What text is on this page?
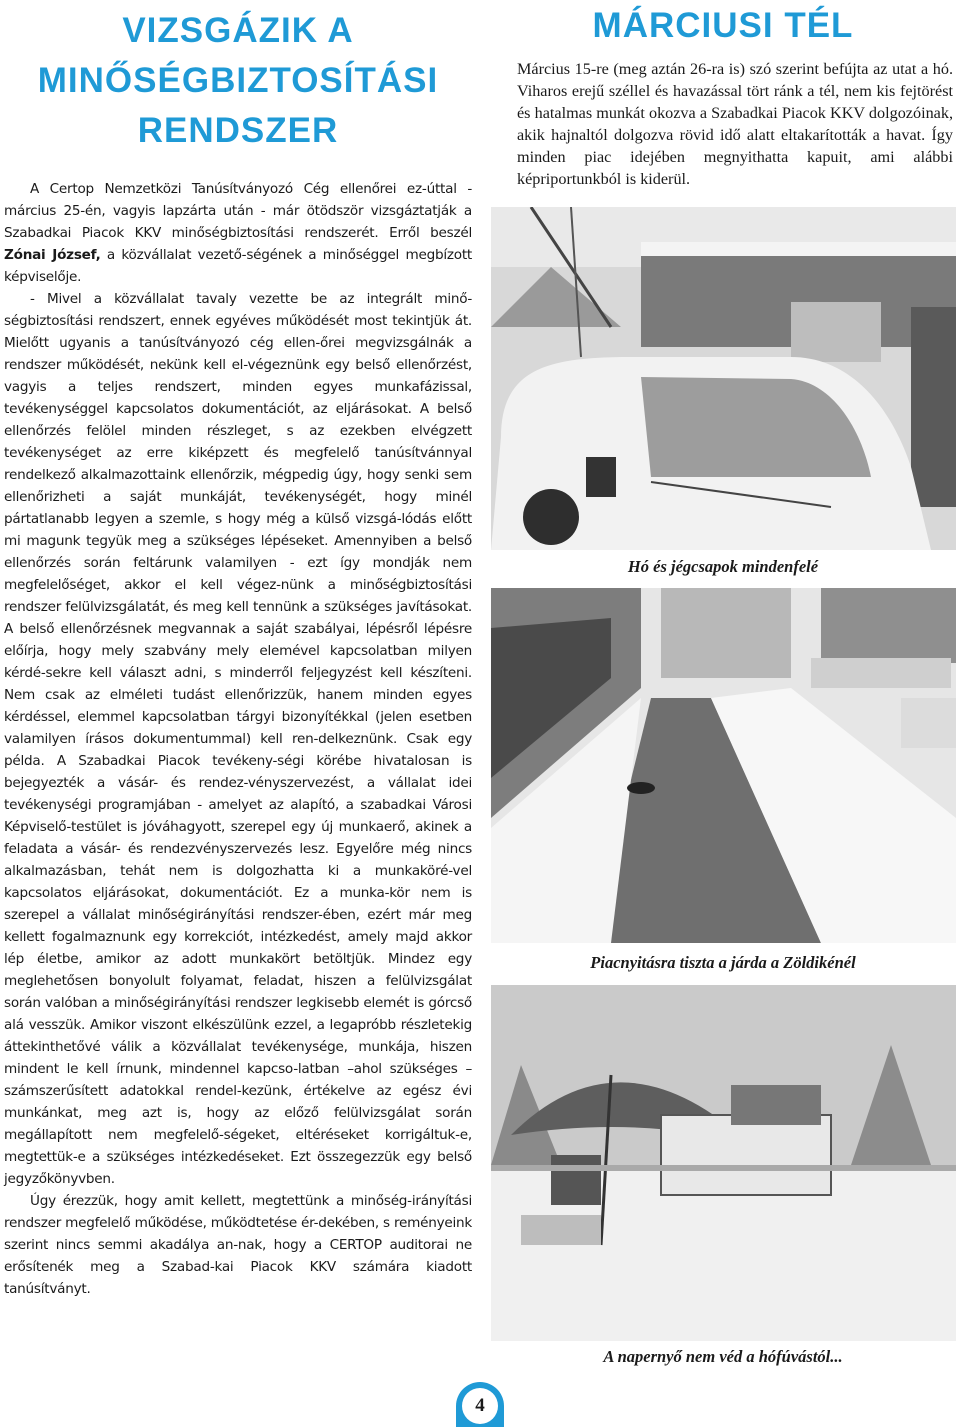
VIZSGÁZIK A
MINŐSÉGBIZTOSÍTÁSI
RENDSZER

A Certop Nemzetközi Tanúsítványozó Cég ellenőrei ez-úttal - március 25-én, vagyis lapzárta után - már ötödször vizsgáztatják a Szabadkai Piacok KKV minőségbiztosítási rendszerét. Erről beszél Zónai József, a közvállalat vezető-ségének a minőséggel megbízott képviselője.

- Mivel a közvállalat tavaly vezette be az integrált minő-ségbiztosítási rendszert, ennek egyéves működését most tekintjük át. Mielőtt ugyanis a tanúsítványozó cég ellen-őrei megvizsgálnák a rendszer működését, nekünk kell el-végeznünk egy belső ellenőrzést, vagyis a teljes rendszert, minden egyes munkafázissal, tevékenységgel kapcsolatos dokumentációt, az eljárásokat. A belső ellenőrzés felölel minden részleget, s az ezekben elvégzett tevékenységet az erre kiképzett és megfelelő tanúsítvánnyal rendelkező alkalmazottaink ellenőrzik, mégpedig úgy, hogy senki sem ellenőrizheti a saját munkáját, tevékenységét, hogy minél pártatlanabb legyen a szemle, s hogy még a külső vizsgá-lódás előtt mi magunk tegyük meg a szükséges lépéseket. Amennyiben a belső ellenőrzés során feltárunk valamilyen - ezt így mondják nem megfelelőséget, akkor el kell végez-nünk a minőségbiztosítási rendszer felülvizsgálatát, és meg kell tennünk a szükséges javításokat. A belső ellenőrzésnek megvannak a saját szabályai, lépésről lépésre előírja, hogy mely szabvány mely elemével kapcsolatban milyen kérdé-sekre kell választ adni, s minderről feljegyzést kell készíteni. Nem csak az elméleti tudást ellenőrizzük, hanem minden egyes kérdéssel, elemmel kapcsolatban tárgyi bizonyítékkal (jelen esetben valamilyen írásos dokumentummal) kell ren-delkeznünk. Csak egy példa. A Szabadkai Piacok tevékeny-ségi körébe hivatalosan is bejegyezték a vásár- és rendez-vényszervezést, a vállalat idei tevékenységi programjában - amelyet az alapító, a szabadkai Városi Képviselő-testület is jóváhagyott, szerepel egy új munkaerő, akinek a feladata a vásár- és rendezvényszervezés lesz. Egyelőre még nincs alkalmazásban, tehát nem is dolgozhatta ki a munkaköré-vel kapcsolatos eljárásokat, dokumentációt. Ez a munka-kör nem is szerepel a vállalat minőségirányítási rendszer-ében, ezért már meg kellett fogalmaznunk egy korrekciót, intézkedést, amely majd akkor lép életbe, amikor az adott munkakört betöltjük. Mindez egy meglehetősen bonyolult folyamat, feladat, hiszen a felülvizsgálat során valóban a minőségirányítási rendszer legkisebb elemét is górcső alá vesszük. Amikor viszont elkészülünk ezzel, a legapróbb részletekig áttekinthetővé válik a közvállalat tevékenysége, munkája, hiszen mindent le kell írnunk, mindennel kapcso-latban –ahol szükséges – számszerűsített adatokkal rendel-kezünk, értékelve az egész évi munkánkat, meg azt is, hogy az előző felülvizsgálat során megállapított nem megfelelő-ségeket, eltéréseket korrigáltuk-e, megtettük-e a szükséges intézkedéseket. Ezt összegezzük egy belső jegyzőkönyvben.

Úgy érezzük, hogy amit kellett, megtettünk a minőség-irányítási rendszer megfelelő működése, működtetése ér-dekében, s reményeink szerint nincs semmi akadálya an-nak, hogy a CERTOP auditorai ne erősítenék meg a Szabad-kai Piacok KKV számára kiadott tanúsítványt.

MÁRCIUSI TÉL

Március 15-re (meg aztán 26-ra is) szó szerint befújta az utat a hó. Viharos erejű széllel és havazással tört ránk a tél, nem kis fejtörést és hatalmas munkát okozva a Szabadkai Piacok KKV dolgozóinak, akik hajnaltól dolgozva rövid idő alatt eltakarították a havat. Így minden piac idejében megnyithatta kapuit, ami alábbi képriportunkból is kiderül.

Hó és jégcsapok mindenfelé
Piacnyitásra tiszta a járda a Zöldikénél
A napernyő nem véd a hófúvástól...
4
